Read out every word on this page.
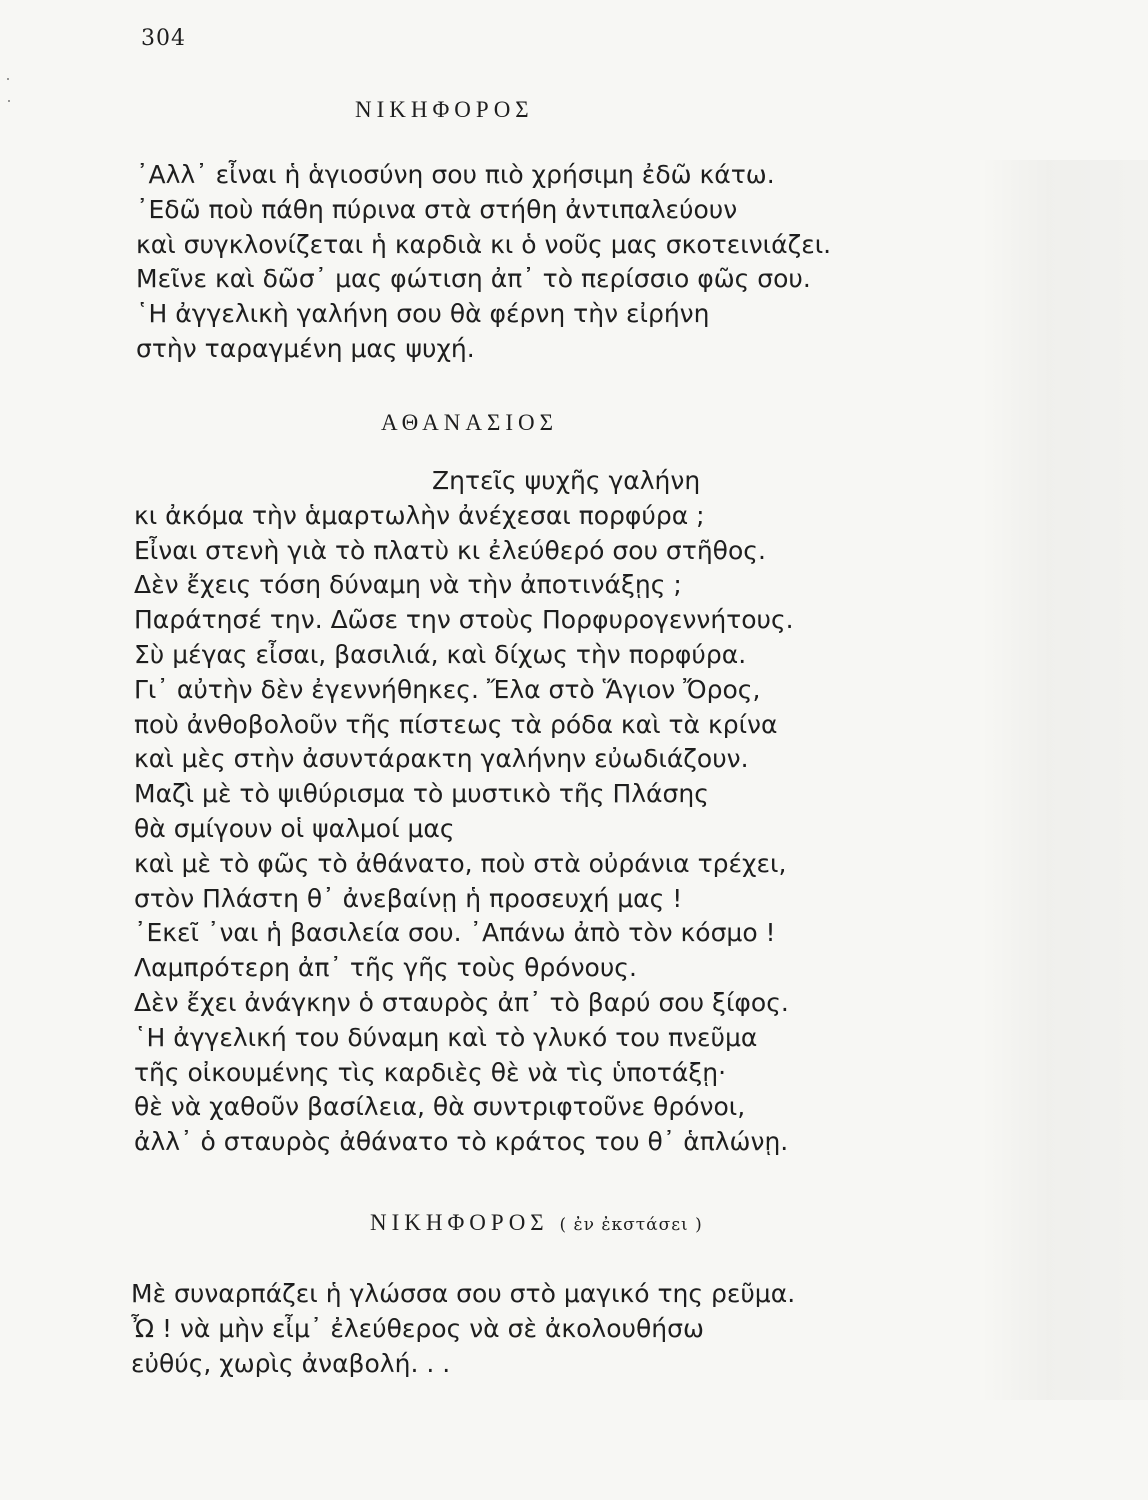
304
ΝΙΚΗΦΟΡΟΣ
᾿Αλλ᾿ εἶναι ἡ ἁγιοσύνη σου πιὸ χρήσιμη ἐδῶ κάτω.
᾿Εδῶ ποὺ πάθη πύρινα στὰ στήθη ἀντιπαλεύουν
καὶ συγκλονίζεται ἡ καρδιὰ κι ὁ νοῦς μας σκοτεινιάζει.
Μεῖνε καὶ δῶσ᾿ μας φώτιση ἀπ᾿ τὸ περίσσιο φῶς σου.
῾Η ἀγγελικὴ γαλήνη σου θὰ φέρνη τὴν εἰρήνη
στὴν ταραγμένη μας ψυχή.
ΑΘΑΝΑΣΙΟΣ
Ζητεῖς ψυχῆς γαλήνη
κι ἀκόμα τὴν ἁμαρτωλὴν ἀνέχεσαι πορφύρα ;
Εἶναι στενὴ γιὰ τὸ πλατὺ κι ἐλεύθερό σου στῆθος.
Δὲν ἔχεις τόση δύναμη νὰ τὴν ἀποτινάξῃς ;
Παράτησέ την. Δῶσε την στοὺς Πορφυρογεννήτους.
Σὺ μέγας εἶσαι, βασιλιά, καὶ δίχως τὴν πορφύρα.
Γι᾿ αὐτὴν δὲν ἐγεννήθηκες. Ἔλα στὸ Ἅγιον Ὄρος,
ποὺ ἀνθοβολοῦν τῆς πίστεως τὰ ρόδα καὶ τὰ κρίνα
καὶ μὲς στὴν ἀσυντάρακτη γαλήνην εὐωδιάζουν.
Μαζὶ μὲ τὸ ψιθύρισμα τὸ μυστικὸ τῆς Πλάσης
θὰ σμίγουν οἱ ψαλμοί μας
καὶ μὲ τὸ φῶς τὸ ἀθάνατο, ποὺ στὰ οὐράνια τρέχει,
στὸν Πλάστη θ᾿ ἀνεβαίνῃ ἡ προσευχή μας !
᾿Εκεῖ ᾿ναι ἡ βασιλεία σου. ᾿Απάνω ἀπὸ τὸν κόσμο !
Λαμπρότερη ἀπ᾿ τῆς γῆς τοὺς θρόνους.
Δὲν ἔχει ἀνάγκην ὁ σταυρὸς ἀπ᾿ τὸ βαρύ σου ξίφος.
῾Η ἀγγελική του δύναμη καὶ τὸ γλυκό του πνεῦμα
τῆς οἰκουμένης τὶς καρδιὲς θὲ νὰ τὶς ὑποτάξῃ·
θὲ νὰ χαθοῦν βασίλεια, θὰ συντριφτοῦνε θρόνοι,
ἀλλ᾿ ὁ σταυρὸς ἀθάνατο τὸ κράτος του θ᾿ ἁπλώνῃ.
ΝΙΚΗΦΟΡΟΣ ( ἐν ἐκστάσει )
Μὲ συναρπάζει ἡ γλώσσα σου στὸ μαγικό της ρεῦμα.
Ὦ ! νὰ μὴν εἶμ᾿ ἐλεύθερος νὰ σὲ ἀκολουθήσω
εὐθύς, χωρὶς ἀναβολή. . .
